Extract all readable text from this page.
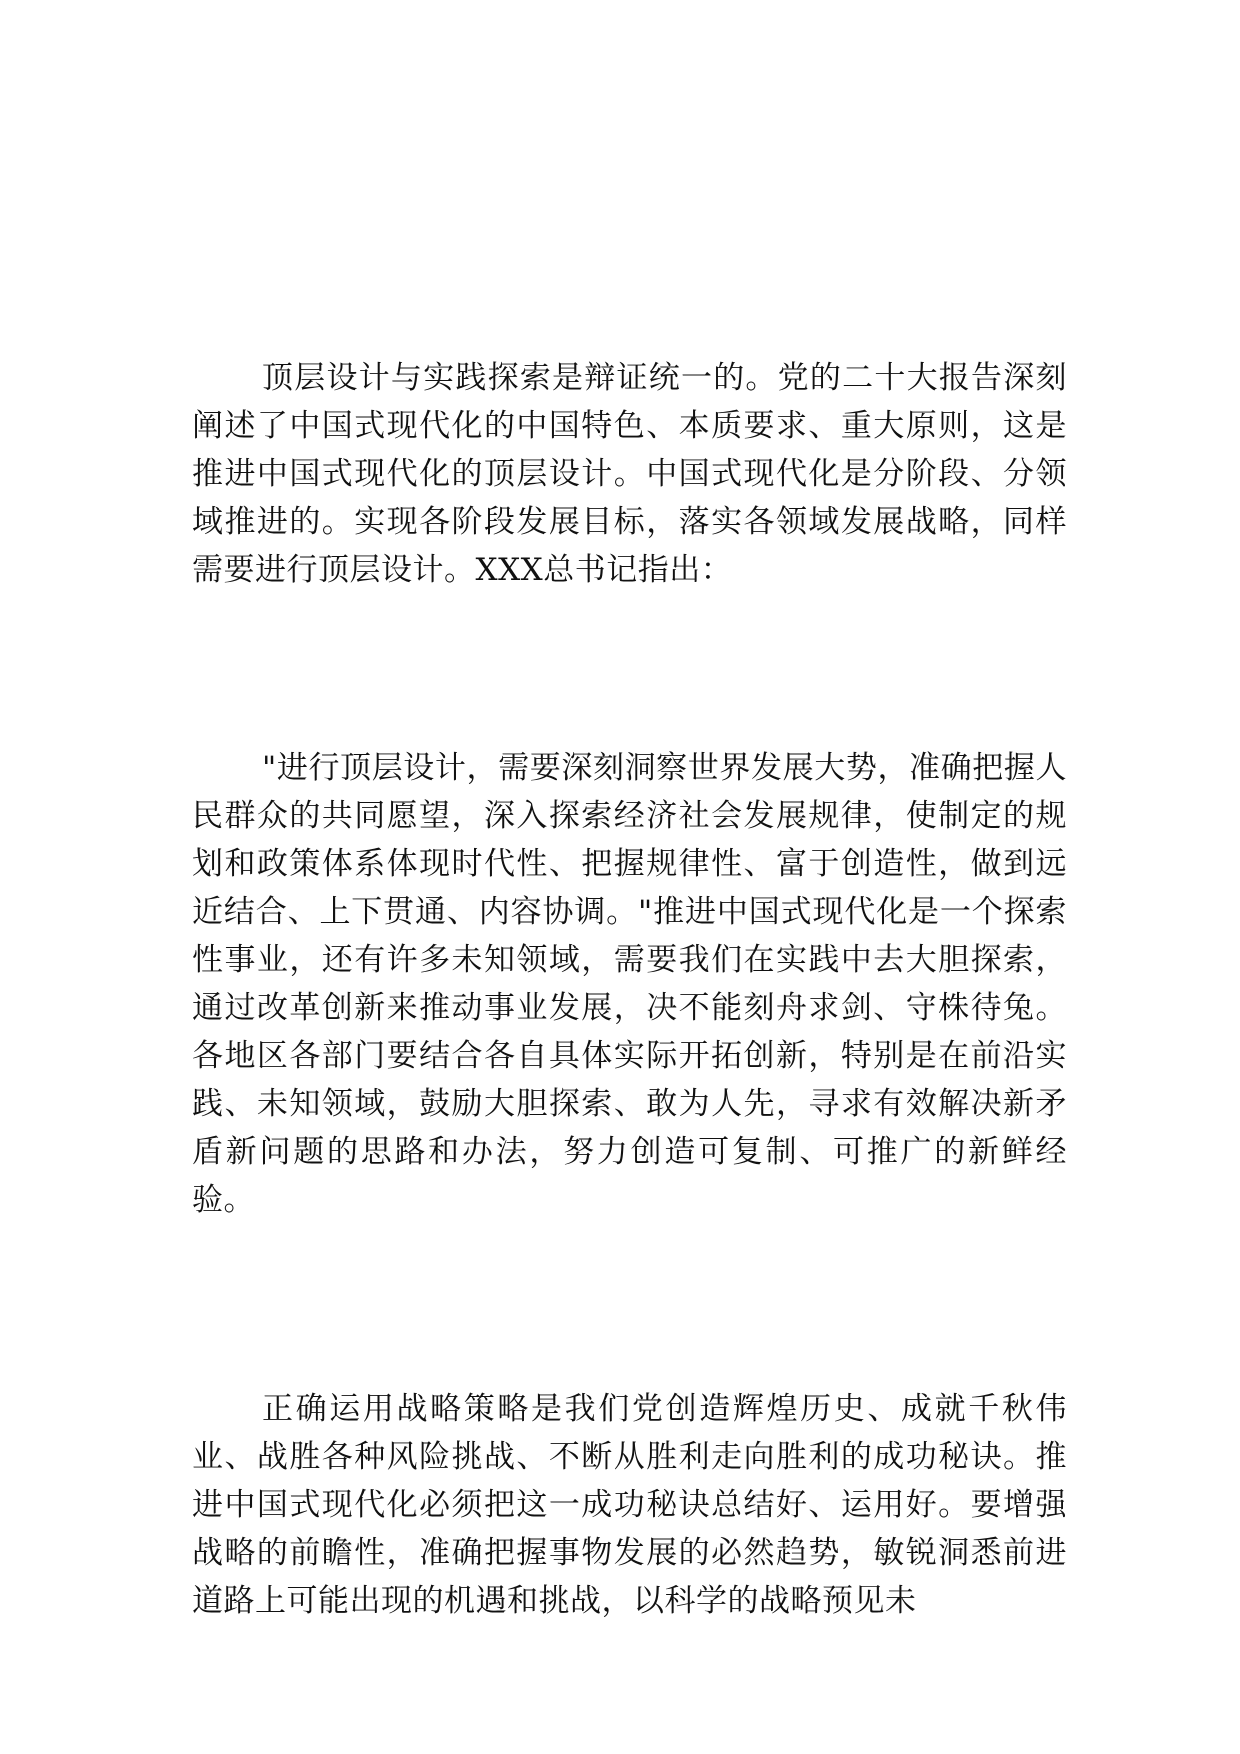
顶层设计与实践探索是辩证统一的。党的二十大报告深刻阐述了中国式现代化的中国特色、本质要求、重大原则，这是推进中国式现代化的顶层设计。中国式现代化是分阶段、分领域推进的。实现各阶段发展目标，落实各领域发展战略，同样需要进行顶层设计。XXX总书记指出：

"进行顶层设计，需要深刻洞察世界发展大势，准确把握人民群众的共同愿望，深入探索经济社会发展规律，使制定的规划和政策体系体现时代性、把握规律性、富于创造性，做到远近结合、上下贯通、内容协调。"推进中国式现代化是一个探索性事业，还有许多未知领域，需要我们在实践中去大胆探索，通过改革创新来推动事业发展，决不能刻舟求剑、守株待兔。各地区各部门要结合各自具体实际开拓创新，特别是在前沿实践、未知领域，鼓励大胆探索、敢为人先，寻求有效解决新矛盾新问题的思路和办法，努力创造可复制、可推广的新鲜经验。

正确运用战略策略是我们党创造辉煌历史、成就千秋伟业、战胜各种风险挑战、不断从胜利走向胜利的成功秘诀。推进中国式现代化必须把这一成功秘诀总结好、运用好。要增强战略的前瞻性，准确把握事物发展的必然趋势，敏锐洞悉前进道路上可能出现的机遇和挑战，以科学的战略预见未
